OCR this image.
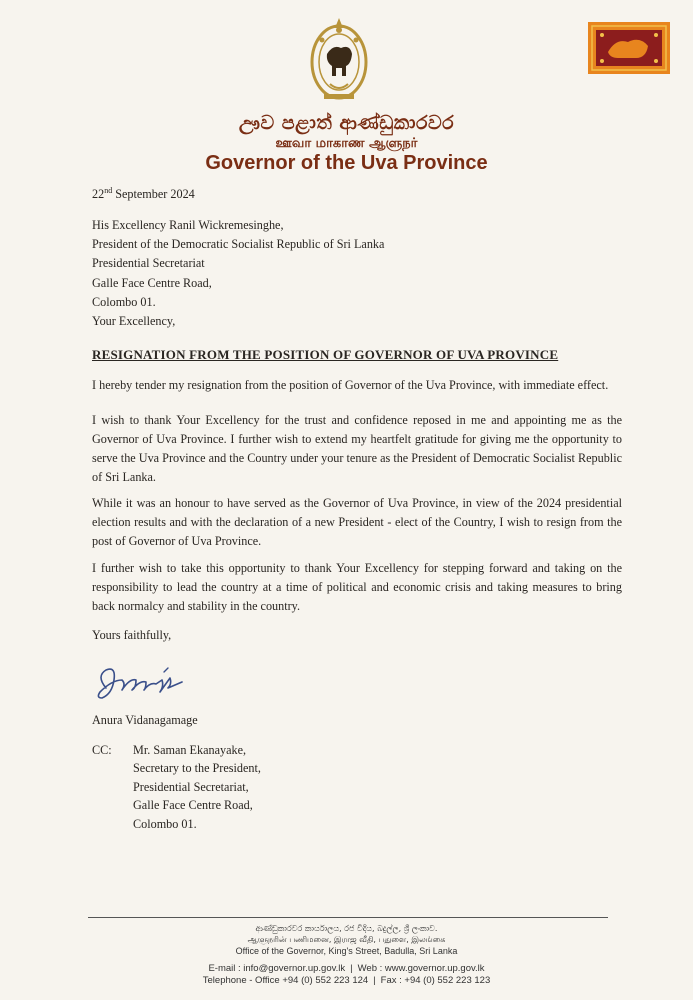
ඌව පළාත් ආණ්ඩුකාරවර
ஊவா மாகாண ஆளுநர்
Governor of the Uva Province
22nd September 2024
His Excellency Ranil Wickremesinghe,
President of the Democratic Socialist Republic of Sri Lanka
Presidential Secretariat
Galle Face Centre Road,
Colombo 01.
Your Excellency,
RESIGNATION FROM THE POSITION OF GOVERNOR OF UVA PROVINCE
I hereby tender my resignation from the position of Governor of the Uva Province, with immediate effect.
I wish to thank Your Excellency for the trust and confidence reposed in me and appointing me as the Governor of Uva Province. I further wish to extend my heartfelt gratitude for giving me the opportunity to serve the Uva Province and the Country under your tenure as the President of Democratic Socialist Republic of Sri Lanka.
While it was an honour to have served as the Governor of Uva Province, in view of the 2024 presidential election results and with the declaration of a new President - elect of the Country, I wish to resign from the post of Governor of Uva Province.
I further wish to take this opportunity to thank Your Excellency for stepping forward and taking on the responsibility to lead the country at a time of political and economic crisis and taking measures to bring back normalcy and stability in the country.
Yours faithfully,
Anura Vidanagamage
CC: Mr. Saman Ekanayake,
Secretary to the President,
Presidential Secretariat,
Galle Face Centre Road,
Colombo 01.
ආණ්ඩුකාරවර කාර්යාලය, රජ වීදිය, බදුල්ල, ශ්‍රී ලංකාව.
ஆளுநரின் பணிமனை, இராஜ வீதி, பதுளை, இலங்கை
Office of the Governor, King's Street, Badulla, Sri Lanka
E-mail : info@governor.up.gov.lk | Web : www.governor.up.gov.lk
Telephone - Office +94 (0) 552 223 124 | Fax : +94 (0) 552 223 123
